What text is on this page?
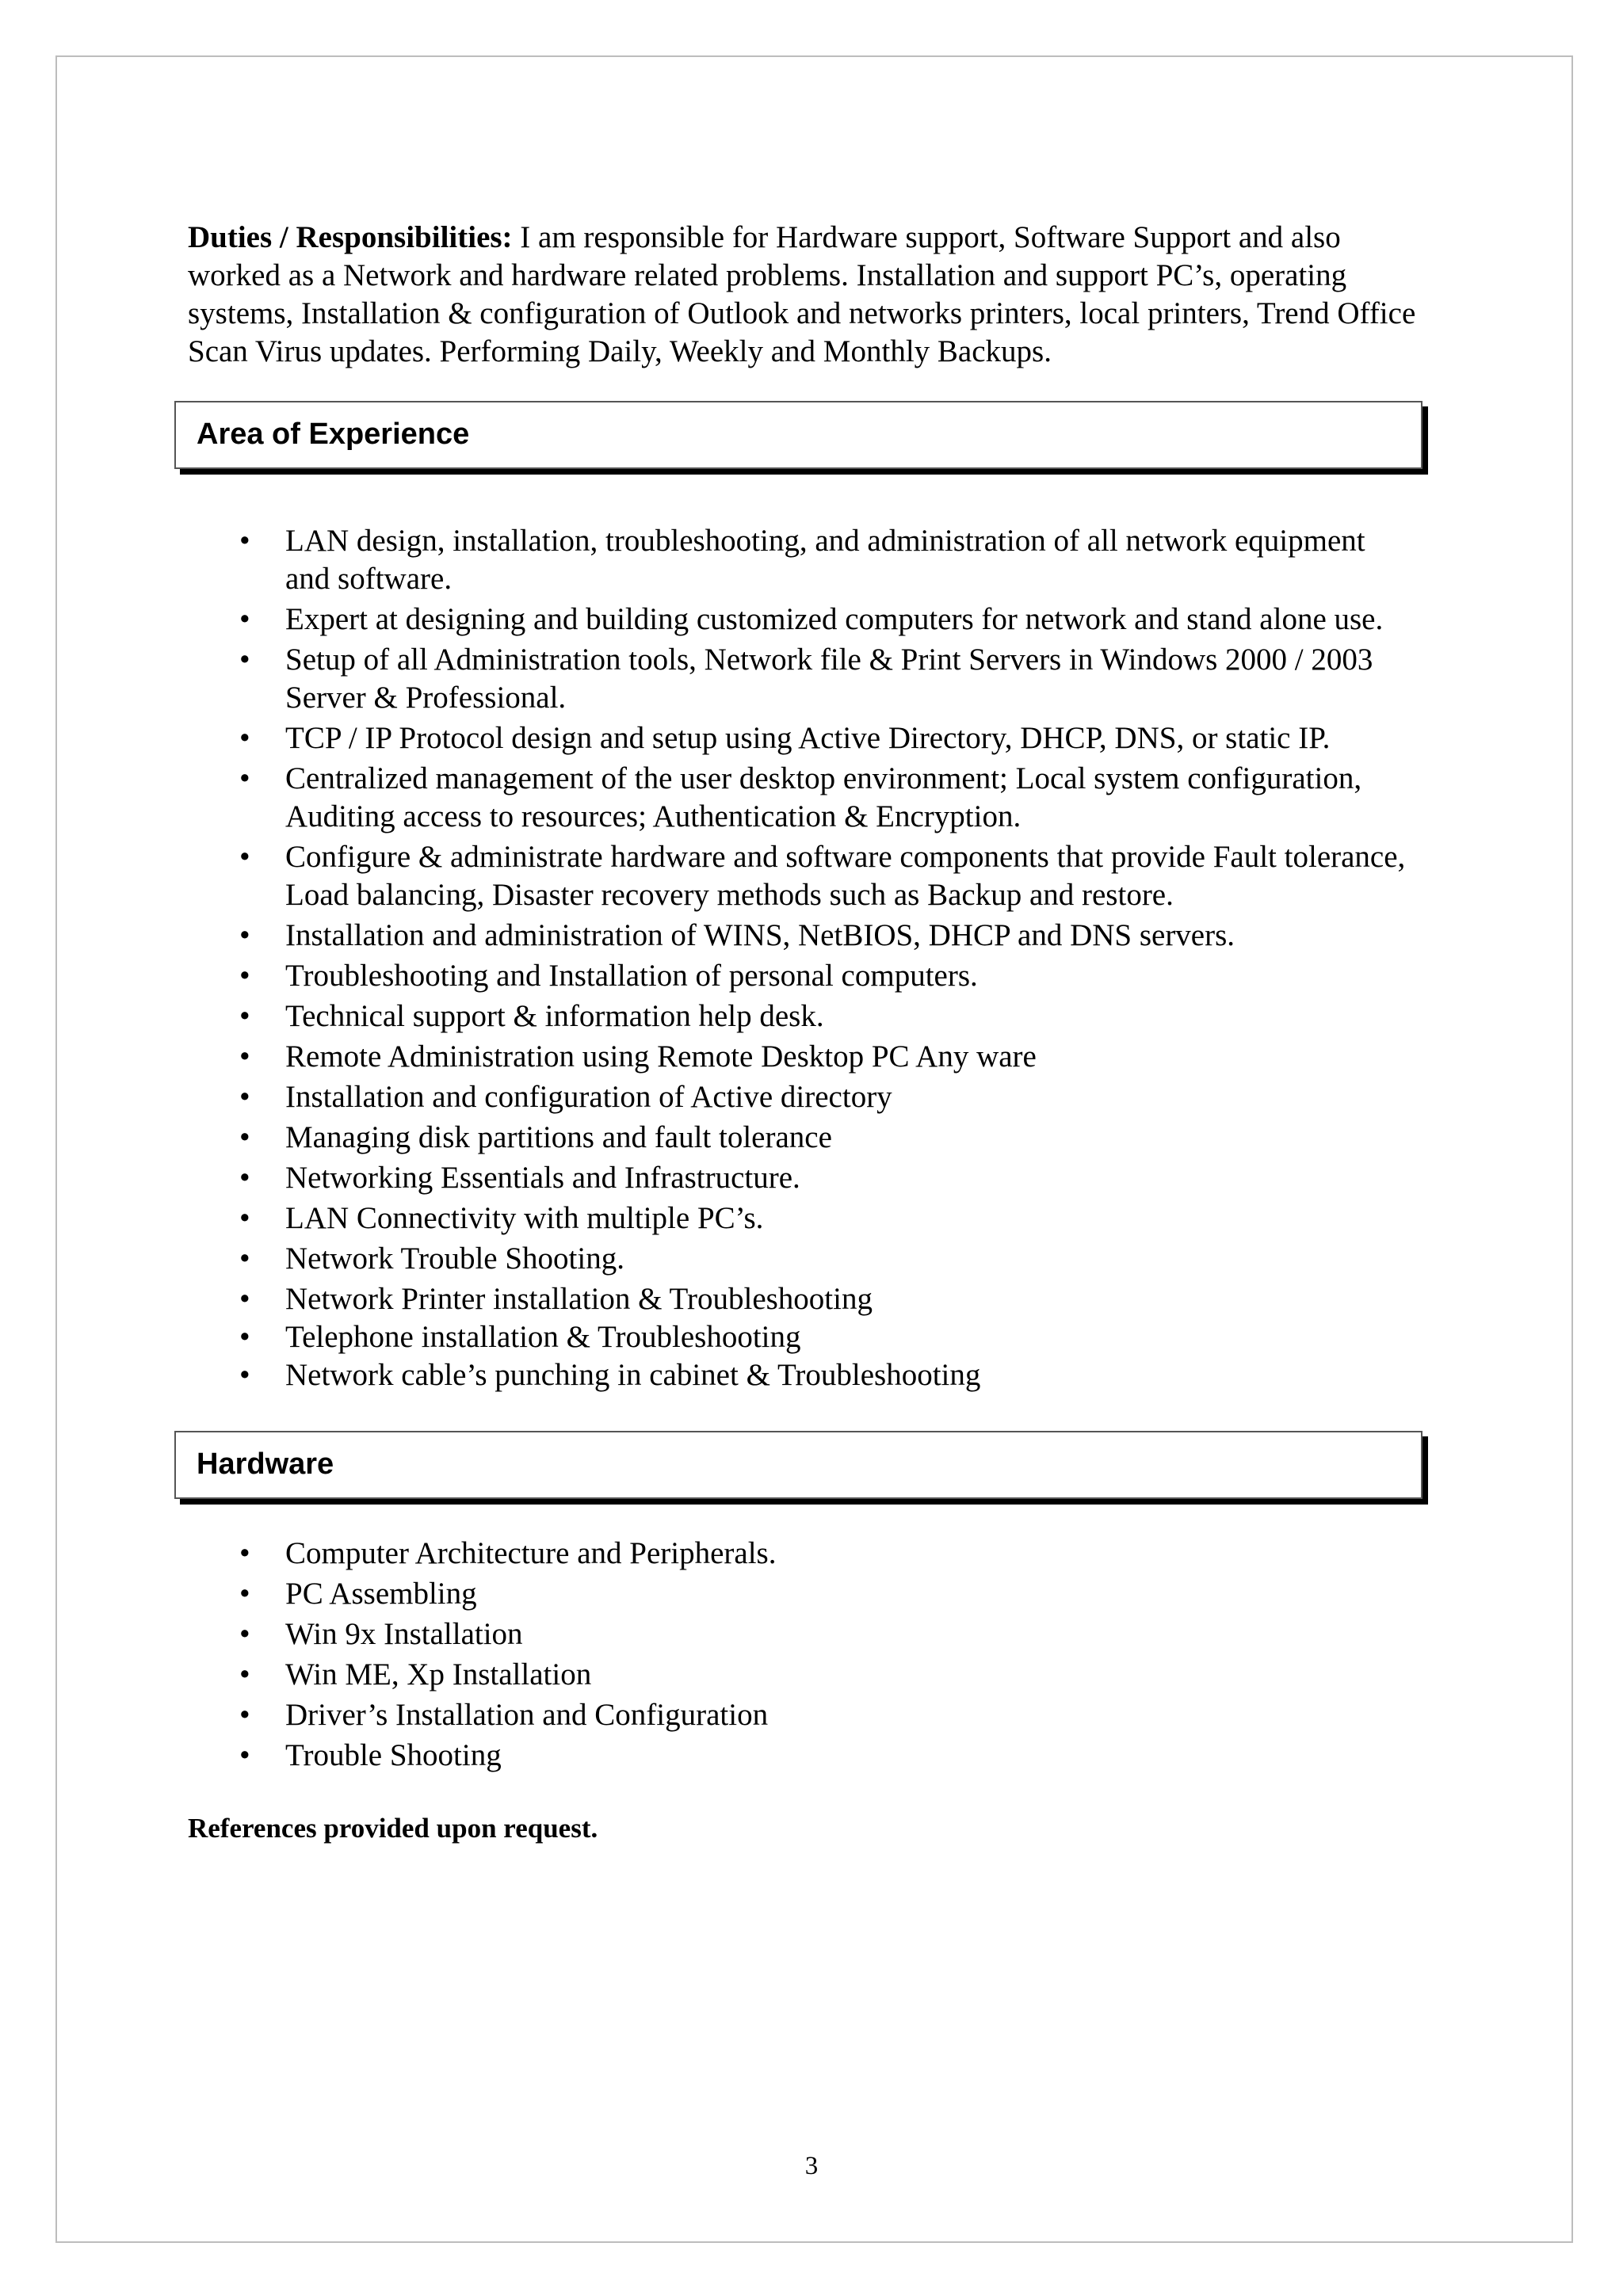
Duties / Responsibilities: I am responsible for Hardware support, Software Support and also worked as a Network and hardware related problems. Installation and support PC’s, operating systems, Installation & configuration of Outlook and networks printers, local printers, Trend Office Scan Virus updates. Performing Daily, Weekly and Monthly Backups.

Area of Experience
• LAN design, installation, troubleshooting, and administration of all network equipment and software.
• Expert at designing and building customized computers for network and stand alone use.
• Setup of all Administration tools, Network file & Print Servers in Windows 2000 / 2003 Server & Professional.
• TCP / IP Protocol design and setup using Active Directory, DHCP, DNS, or static IP.
• Centralized management of the user desktop environment; Local system configuration, Auditing access to resources; Authentication & Encryption.
• Configure & administrate hardware and software components that provide Fault tolerance, Load balancing, Disaster recovery methods such as Backup and restore.
• Installation and administration of WINS, NetBIOS, DHCP and DNS servers.
• Troubleshooting and Installation of personal computers.
• Technical support & information help desk.
• Remote Administration using Remote Desktop PC Any ware
• Installation and configuration of Active directory
• Managing disk partitions and fault tolerance
• Networking Essentials and Infrastructure.
• LAN Connectivity with multiple PC’s.
• Network Trouble Shooting.
• Network Printer installation & Troubleshooting
• Telephone installation & Troubleshooting
• Network cable’s punching in cabinet & Troubleshooting
Hardware
• Computer Architecture and Peripherals.
• PC Assembling
• Win 9x Installation
• Win ME, Xp Installation
• Driver’s Installation and Configuration
• Trouble Shooting

References provided upon request.

3
